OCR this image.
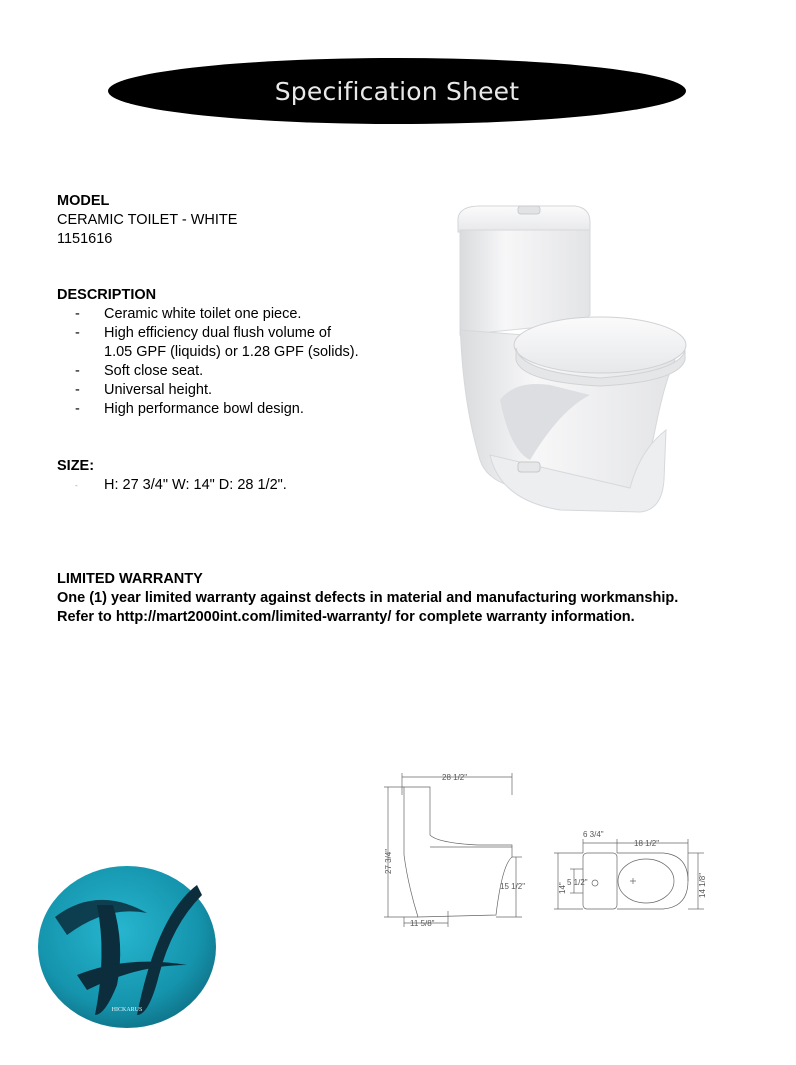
Specification Sheet
MODEL
CERAMIC TOILET - WHITE
1151616
DESCRIPTION
-	Ceramic white toilet one piece.
-	High efficiency dual flush volume of
1.05 GPF (liquids) or 1.28 GPF (solids).
-	Soft close seat.
-	Universal height.
-	High performance bowl design.
SIZE:
-	H: 27 3/4" W: 14" D: 28 1/2".
LIMITED WARRANTY
One (1) year limited warranty against defects in material and manufacturing workmanship.
Refer to http://mart2000int.com/limited-warranty/ for complete warranty information.
28 1/2"
27 3/4"
15 1/2"
11 5/8"
6 3/4"
18 1/2"
14" 5 1/2"	14 1/8"
HICKARUS
